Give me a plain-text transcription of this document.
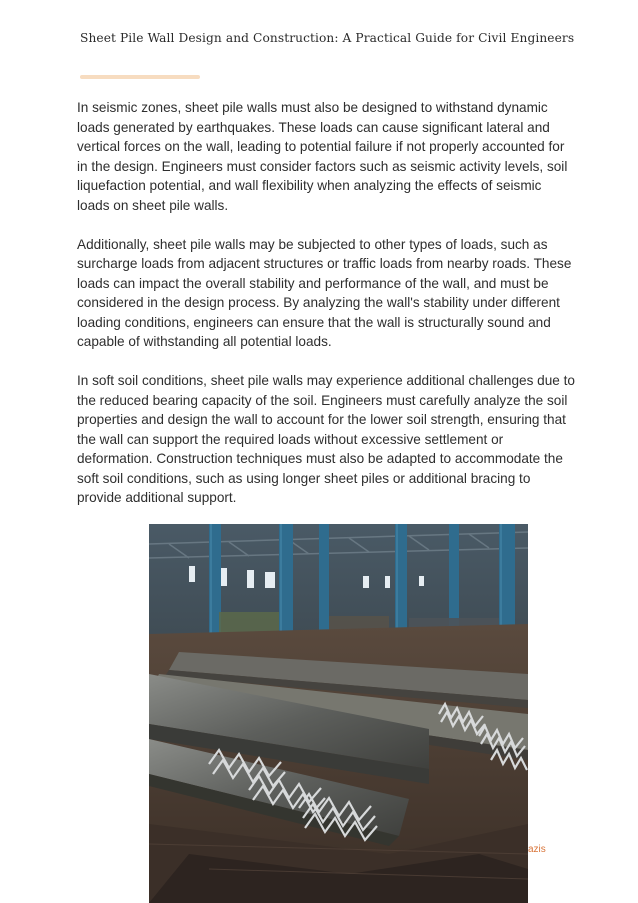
Sheet Pile Wall Design and Construction: A Practical Guide for Civil Engineers

In seismic zones, sheet pile walls must also be designed to withstand dynamic loads generated by earthquakes. These loads can cause significant lateral and vertical forces on the wall, leading to potential failure if not properly accounted for in the design. Engineers must consider factors such as seismic activity levels, soil liquefaction potential, and wall flexibility when analyzing the effects of seismic loads on sheet pile walls.

Additionally, sheet pile walls may be subjected to other types of loads, such as surcharge loads from adjacent structures or traffic loads from nearby roads. These loads can impact the overall stability and performance of the wall, and must be considered in the design process. By analyzing the wall's stability under different loading conditions, engineers can ensure that the wall is structurally sound and capable of withstanding all potential loads.

In soft soil conditions, sheet pile walls may experience additional challenges due to the reduced bearing capacity of the soil. Engineers must carefully analyze the soil properties and design the wall to account for the lower soil strength, ensuring that the wall can support the required loads without excessive settlement or deformation. Construction techniques must also be adapted to accommodate the soft soil conditions, such as using longer sheet piles or additional bracing to provide additional support.

azis
